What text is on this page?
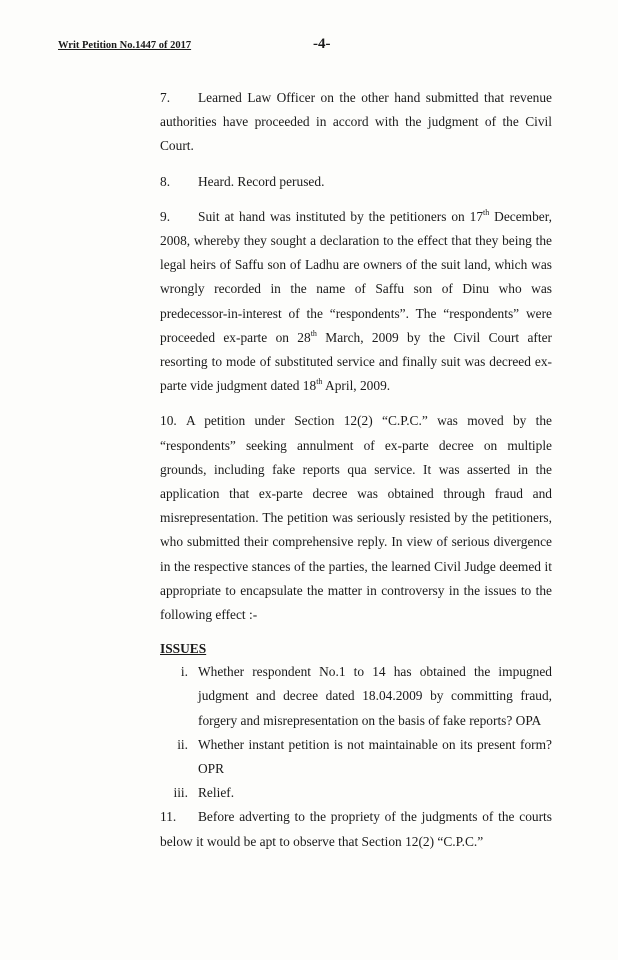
Writ Petition No.1447 of 2017	-4-

7. Learned Law Officer on the other hand submitted that revenue authorities have proceeded in accord with the judgment of the Civil Court.

8. Heard. Record perused.

9. Suit at hand was instituted by the petitioners on 17th December, 2008, whereby they sought a declaration to the effect that they being the legal heirs of Saffu son of Ladhu are owners of the suit land, which was wrongly recorded in the name of Saffu son of Dinu who was predecessor-in-interest of the “respondents”. The “respondents” were proceeded ex-parte on 28th March, 2009 by the Civil Court after resorting to mode of substituted service and finally suit was decreed ex-parte vide judgment dated 18th April, 2009.

10. A petition under Section 12(2) “C.P.C.” was moved by the “respondents” seeking annulment of ex-parte decree on multiple grounds, including fake reports qua service. It was asserted in the application that ex-parte decree was obtained through fraud and misrepresentation. The petition was seriously resisted by the petitioners, who submitted their comprehensive reply. In view of serious divergence in the respective stances of the parties, the learned Civil Judge deemed it appropriate to encapsulate the matter in controversy in the issues to the following effect :-

ISSUES

i. Whether respondent No.1 to 14 has obtained the impugned judgment and decree dated 18.04.2009 by committing fraud, forgery and misrepresentation on the basis of fake reports? OPA
ii. Whether instant petition is not maintainable on its present form? OPR
iii. Relief.

11. Before adverting to the propriety of the judgments of the courts below it would be apt to observe that Section 12(2) “C.P.C.”
